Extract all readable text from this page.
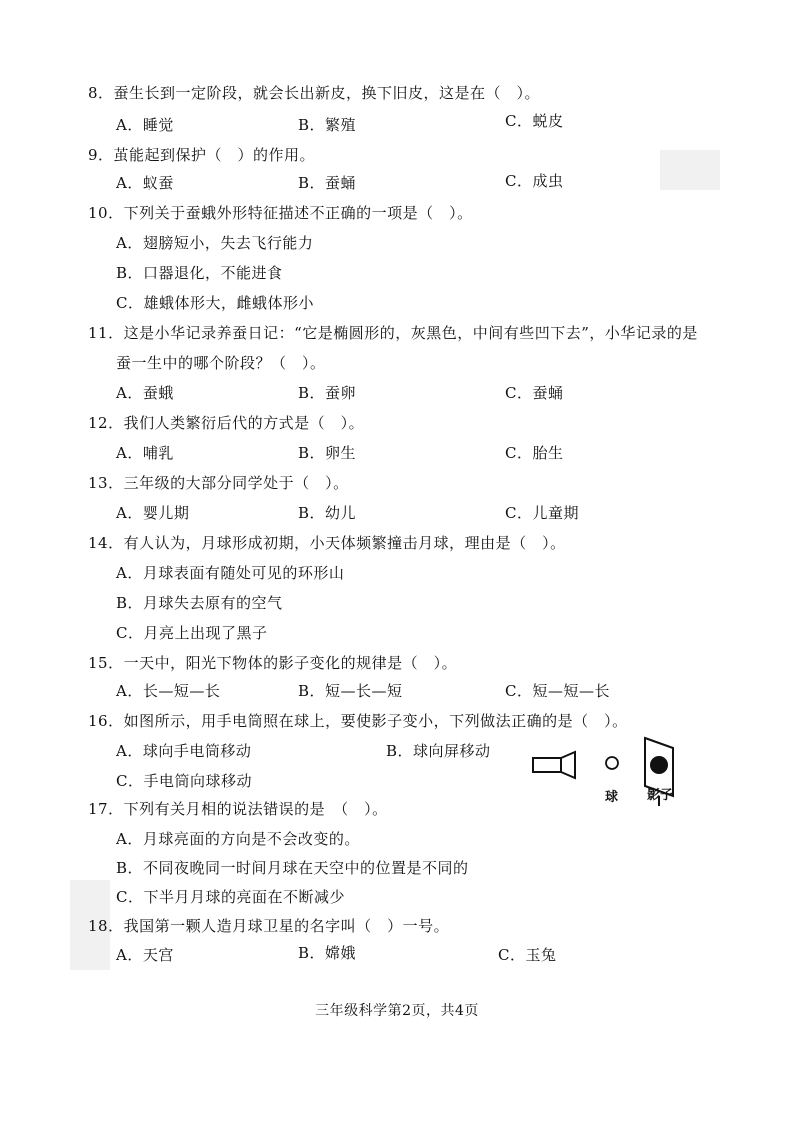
8．蚕生长到一定阶段，就会长出新皮，换下旧皮，这是在（　）。
A．睡觉	B．繁殖	C．蜕皮
9．茧能起到保护（　）的作用。
A．蚁蚕	B．蚕蛹	C．成虫
10．下列关于蚕蛾外形特征描述不正确的一项是（　）。
A．翅膀短小，失去飞行能力
B．口器退化，不能进食
C．雄蛾体形大，雌蛾体形小
11．这是小华记录养蚕日记：“它是椭圆形的，灰黑色，中间有些凹下去”，小华记录的是
蚕一生中的哪个阶段？（　）。
A．蚕蛾	B．蚕卵	C．蚕蛹
12．我们人类繁衍后代的方式是（　）。
A．哺乳	B．卵生	C．胎生
13．三年级的大部分同学处于（　）。
A．婴儿期	B．幼儿	C．儿童期
14．有人认为，月球形成初期，小天体频繁撞击月球，理由是（　）。
A．月球表面有随处可见的环形山
B．月球失去原有的空气
C．月亮上出现了黑子
15．一天中，阳光下物体的影子变化的规律是（　）。
A．长—短—长	B．短—长—短	C．短—短—长
16．如图所示，用手电筒照在球上，要使影子变小，下列做法正确的是（　）。
A．球向手电筒移动	B．球向屏移动
C．手电筒向球移动
球 影子
17．下列有关月相的说法错误的是　（　）。
A．月球亮面的方向是不会改变的。
B．不同夜晚同一时间月球在天空中的位置是不同的
C．下半月月球的亮面在不断减少
18．我国第一颗人造月球卫星的名字叫（　）一号。
A．天宫	B．嫦娥	C．玉兔
三年级科学第2页，共4页
